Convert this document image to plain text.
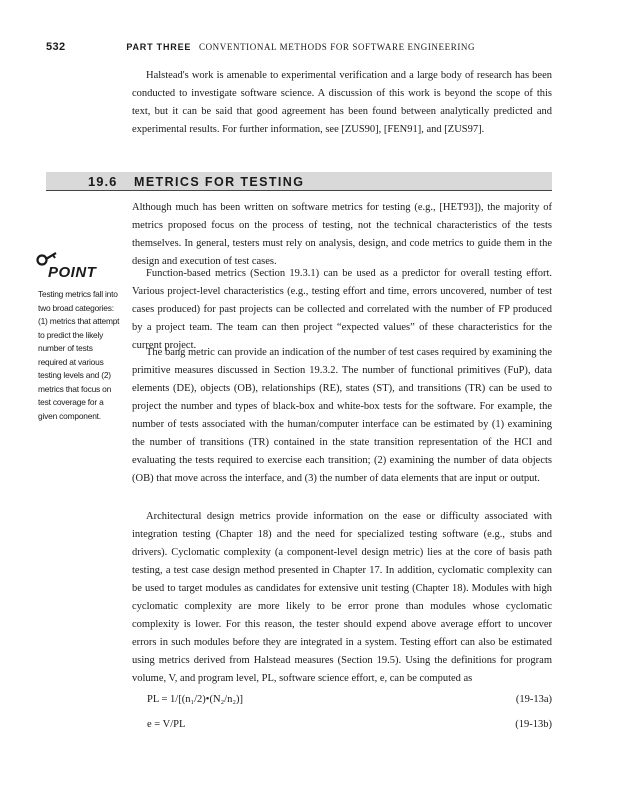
532	PART THREE CONVENTIONAL METHODS FOR SOFTWARE ENGINEERING

Halstead's work is amenable to experimental verification and a large body of research has been conducted to investigate software science. A discussion of this work is beyond the scope of this text, but it can be said that good agreement has been found between analytically predicted and experimental results. For further information, see [ZUS90], [FEN91], and [ZUS97].

19.6 METRICS FOR TESTING
POINT
Testing metrics fall into two broad categories: (1) metrics that attempt to predict the likely number of tests required at various testing levels and (2) metrics that focus on test coverage for a given component.

Although much has been written on software metrics for testing (e.g., [HET93]), the majority of metrics proposed focus on the process of testing, not the technical characteristics of the tests themselves. In general, testers must rely on analysis, design, and code metrics to guide them in the design and execution of test cases.

Function-based metrics (Section 19.3.1) can be used as a predictor for overall testing effort. Various project-level characteristics (e.g., testing effort and time, errors uncovered, number of test cases produced) for past projects can be collected and correlated with the number of FP produced by a project team. The team can then project “expected values” of these characteristics for the current project.

The bang metric can provide an indication of the number of test cases required by examining the primitive measures discussed in Section 19.3.2. The number of functional primitives (FuP), data elements (DE), objects (OB), relationships (RE), states (ST), and transitions (TR) can be used to project the number and types of black-box and white-box tests for the software. For example, the number of tests associated with the human/computer interface can be estimated by (1) examining the number of transitions (TR) contained in the state transition representation of the HCI and evaluating the tests required to exercise each transition; (2) examining the number of data objects (OB) that move across the interface, and (3) the number of data elements that are input or output.

Architectural design metrics provide information on the ease or difficulty associated with integration testing (Chapter 18) and the need for specialized testing software (e.g., stubs and drivers). Cyclomatic complexity (a component-level design metric) lies at the core of basis path testing, a test case design method presented in Chapter 17. In addition, cyclomatic complexity can be used to target modules as candidates for extensive unit testing (Chapter 18). Modules with high cyclomatic complexity are more likely to be error prone than modules whose cyclomatic complexity is lower. For this reason, the tester should expend above average effort to uncover errors in such modules before they are integrated in a system. Testing effort can also be estimated using metrics derived from Halstead measures (Section 19.5). Using the definitions for program volume, V, and program level, PL, software science effort, e, can be computed as

PL = 1/[(n₁/2)•(N₂/n₂)]	(19-13a)
e = V/PL	(19-13b)
